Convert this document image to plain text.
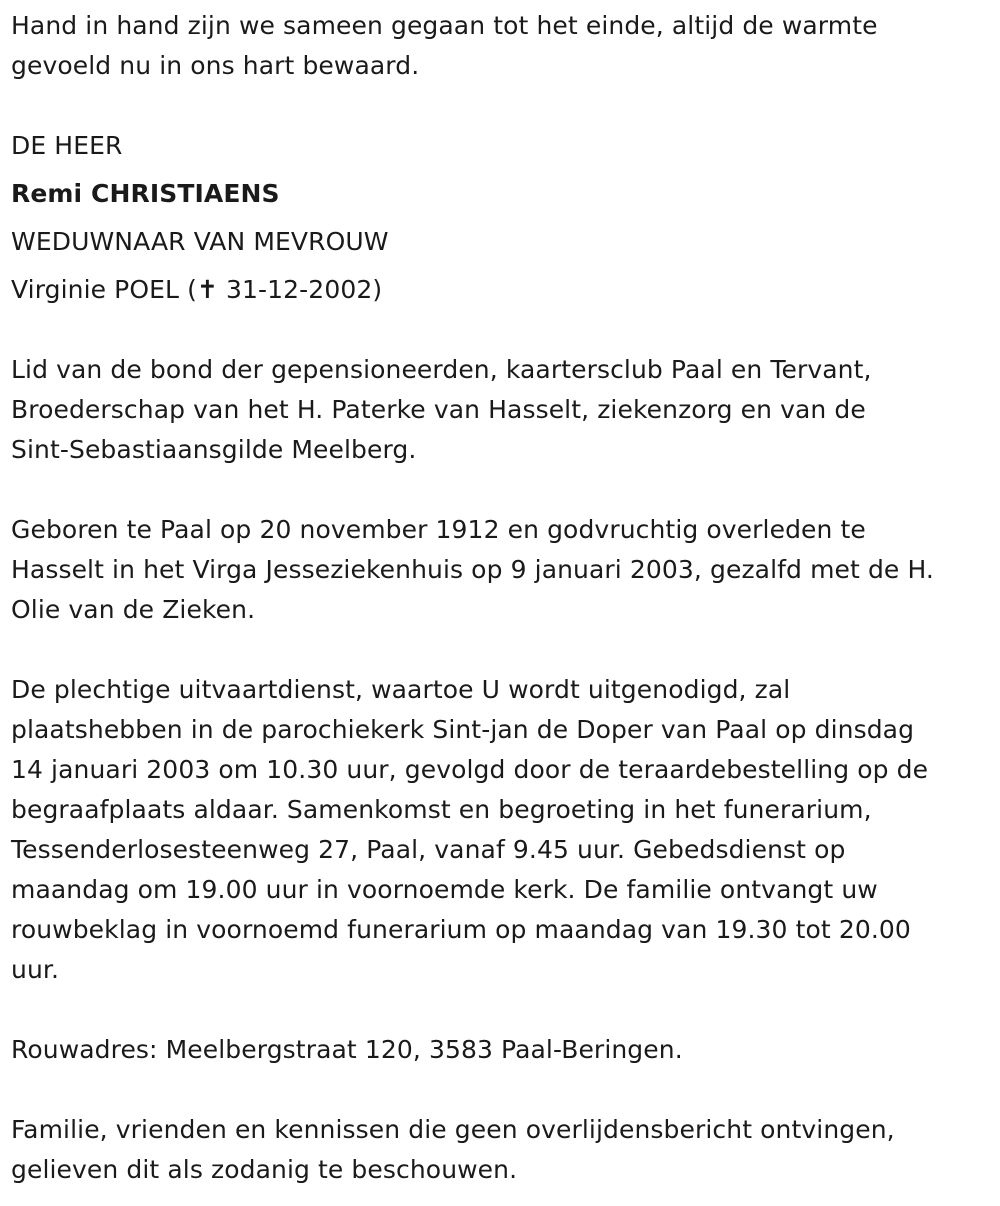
Hand in hand zijn we sameen gegaan tot het einde, altijd de warmte
gevoeld nu in ons hart bewaard.
DE HEER
Remi CHRISTIAENS
WEDUWNAAR VAN MEVROUW
Virginie POEL (✝ 31-12-2002)
Lid van de bond der gepensioneerden, kaartersclub Paal en Tervant,
Broederschap van het H. Paterke van Hasselt, ziekenzorg en van de
Sint-Sebastiaansgilde Meelberg.
Geboren te Paal op 20 november 1912 en godvruchtig overleden te
Hasselt in het Virga Jesseziekenhuis op 9 januari 2003, gezalfd met de H.
Olie van de Zieken.
De plechtige uitvaartdienst, waartoe U wordt uitgenodigd, zal
plaatshebben in de parochiekerk Sint-jan de Doper van Paal op dinsdag
14 januari 2003 om 10.30 uur, gevolgd door de teraardebestelling op de
begraafplaats aldaar. Samenkomst en begroeting in het funerarium,
Tessenderlosesteenweg 27, Paal, vanaf 9.45 uur. Gebedsdienst op
maandag om 19.00 uur in voornoemde kerk. De familie ontvangt uw
rouwbeklag in voornoemd funerarium op maandag van 19.30 tot 20.00
uur.
Rouwadres: Meelbergstraat 120, 3583 Paal-Beringen.
Familie, vrienden en kennissen die geen overlijdensbericht ontvingen,
gelieven dit als zodanig te beschouwen.
